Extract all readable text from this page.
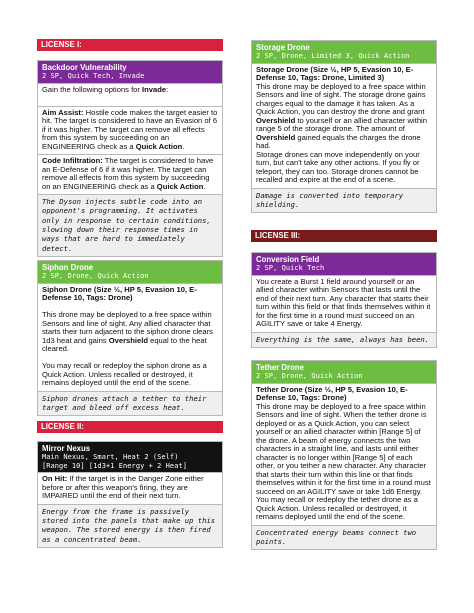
LICENSE I:
Backdoor Vulnerability
2 SP, Quick Tech, Invade
Gain the following options for Invade:
Aim Assist: Hostile code makes the target easier to hit. The target is considered to have an Evasion of 6 if it was higher. The target can remove all effects from this system by succeeding on an ENGINEERING check as a Quick Action.
Code Infiltration: The target is considered to have an E-Defense of 6 if it was higher. The target can remove all effects from this system by succeeding on an ENGINEERING check as a Quick Action.
The Dyson injects subtle code into an opponent's programming. It activates only in response to certain conditions, slowing down their response times in ways that are hard to immediately detect.
Siphon Drone
2 SP, Drone, Quick Action
Siphon Drone (Size ½, HP 5, Evasion 10, E-Defense 10, Tags: Drone)
This drone may be deployed to a free space within Sensors and line of sight. Any allied character that starts their turn adjacent to the siphon drone clears 1d3 heat and gains Overshield equal to the heat cleared.
You may recall or redeploy the siphon drone as a Quick Action. Unless recalled or destroyed, it remains deployed until the end of the scene.
Siphon drones attach a tether to their target and bleed off excess heat.
LICENSE II:
Mirror Nexus
Main Nexus, Smart, Heat 2 (Self)
[Range 10] [1d3+1 Energy + 2 Heat]
On Hit: If the target is in the Danger Zone either before or after this weapon's firing, they are IMPAIRED until the end of their next turn.
Energy from the frame is passively stored into the panels that make up this weapon. The stored energy is then fired as a concentrated beam.
Storage Drone
2 SP, Drone, Limited 3, Quick Action
Storage Drone (Size ½, HP 5, Evasion 10, E-Defense 10, Tags: Drone, Limited 3)
This drone may be deployed to a free space within Sensors and line of sight. The storage drone gains charges equal to the damage it has taken. As a Quick Action, you can destroy the drone and grant Overshield to yourself or an allied character within range 5 of the storage drone. The amount of Overshield gained equals the charges the drone had.
Storage drones can move independently on your turn, but can't take any other actions. If you fly or teleport, they can too. Storage drones cannot be recalled and expire at the end of a scene.
Damage is converted into temporary shielding.
LICENSE III:
Conversion Field
2 SP, Quick Tech
You create a Burst 1 field around yourself or an allied character within Sensors that lasts until the end of their next turn. Any character that starts their turn within this field or that finds themselves within it for the first time in a round must succeed on an AGILITY save or take 4 Energy.
Everything is the same, always has been.
Tether Drone
2 SP, Drone, Quick Action
Tether Drone (Size ½, HP 5, Evasion 10, E-Defense 10, Tags: Drone)
This drone may be deployed to a free space within Sensors and line of sight. When the tether drone is deployed or as a Quick Action, you can select yourself or an allied character within [Range 5] of the drone. A beam of energy connects the two characters in a straight line, and lasts until either character is no longer within [Range 5] of each other, or you tether a new character. Any character that starts their turn within this line or that finds themselves within it for the first time in a round must succeed on an AGILITY save or take 1d6 Energy.
You may recall or redeploy the tether drone as a Quick Action. Unless recalled or destroyed, it remains deployed until the end of the scene.
Concentrated energy beams connect two points.
